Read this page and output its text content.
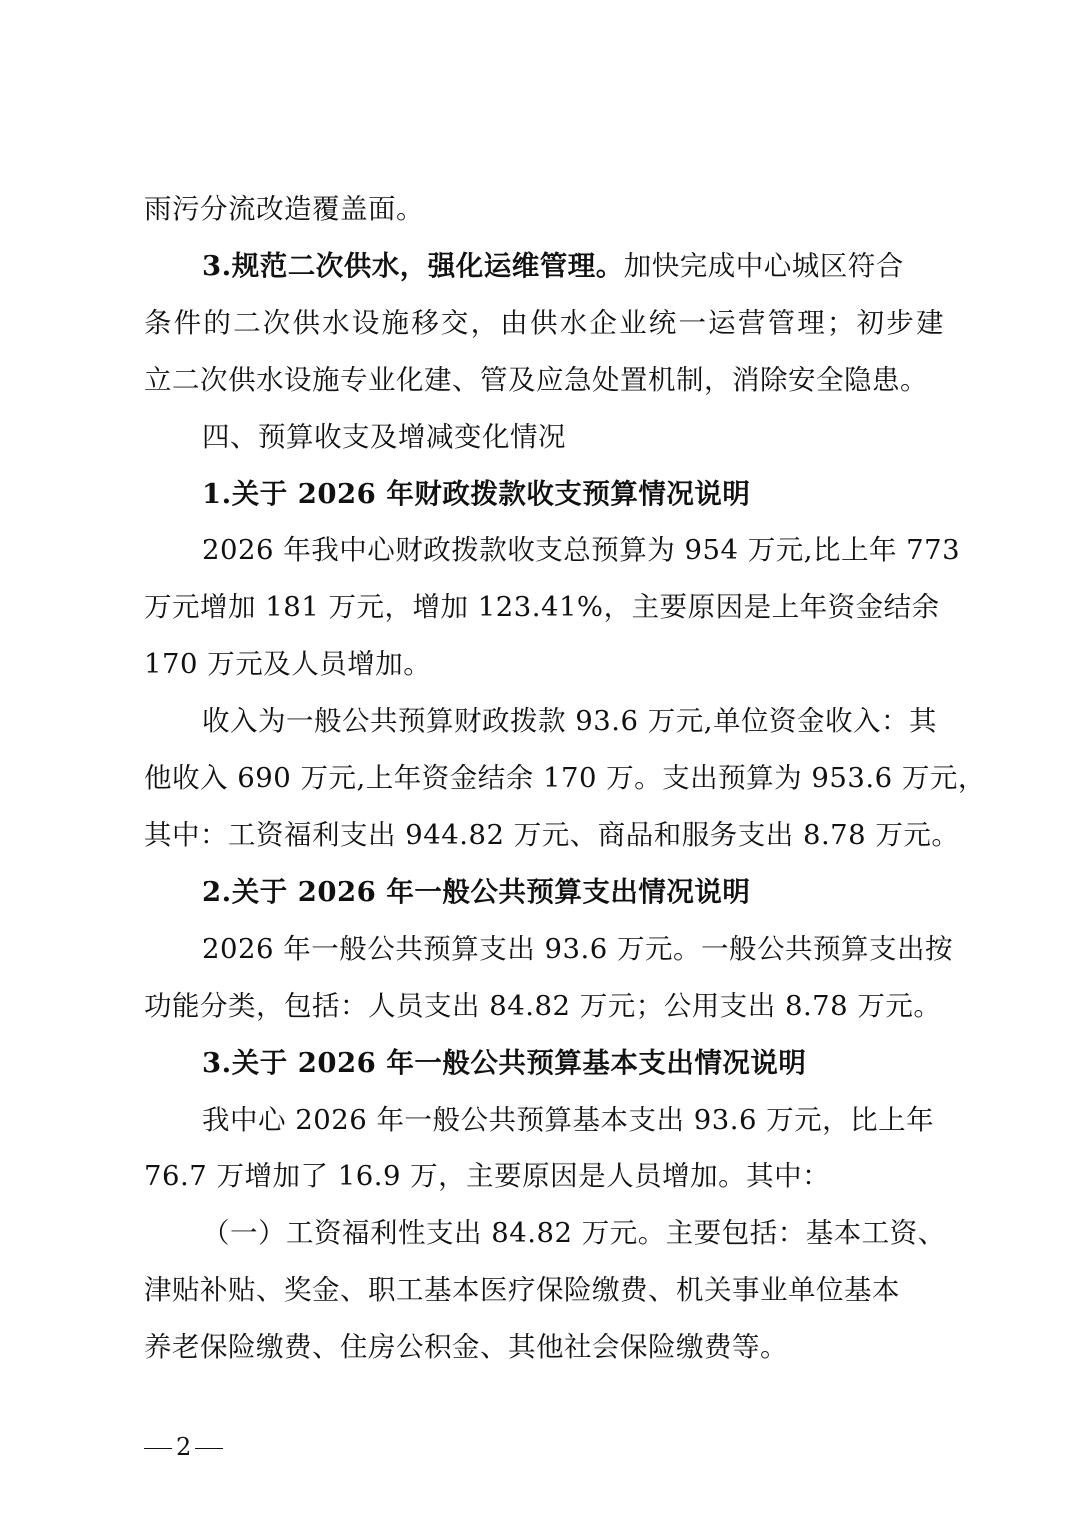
雨污分流改造覆盖面。
3.规范二次供水，强化运维管理。加快完成中心城区符合
条件的二次供水设施移交，由供水企业统一运营管理；初步建
立二次供水设施专业化建、管及应急处置机制，消除安全隐患。
四、预算收支及增减变化情况
1.关于 2026 年财政拨款收支预算情况说明
2026 年我中心财政拨款收支总预算为 954 万元,比上年 773
万元增加 181 万元，增加 123.41%，主要原因是上年资金结余
170 万元及人员增加。
收入为一般公共预算财政拨款 93.6 万元,单位资金收入：其
他收入 690 万元,上年资金结余 170 万。支出预算为 953.6 万元，
其中：工资福利支出 944.82 万元、商品和服务支出 8.78 万元。
2.关于 2026 年一般公共预算支出情况说明
2026 年一般公共预算支出 93.6 万元。一般公共预算支出按
功能分类，包括：人员支出 84.82 万元；公用支出 8.78 万元。
3.关于 2026 年一般公共预算基本支出情况说明
我中心 2026 年一般公共预算基本支出 93.6 万元，比上年
76.7 万增加了 16.9 万，主要原因是人员增加。其中：
（一）工资福利性支出 84.82 万元。主要包括：基本工资、
津贴补贴、奖金、职工基本医疗保险缴费、机关事业单位基本
养老保险缴费、住房公积金、其他社会保险缴费等。
2
